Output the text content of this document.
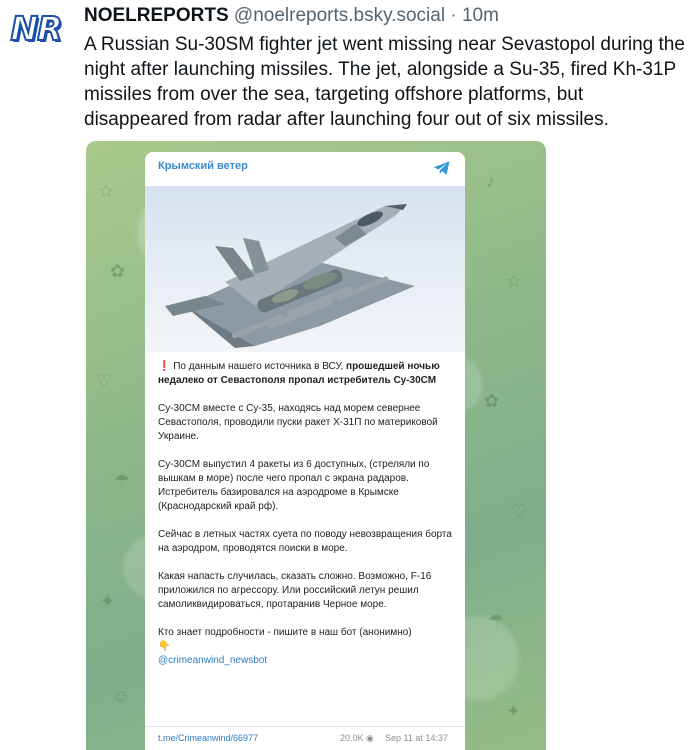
NR NOELREPORTS @noelreports.bsky.social · 10m
A Russian Su-30SM fighter jet went missing near Sevastopol during the night after launching missiles. The jet, alongside a Su-35, fired Kh-31P missiles from over the sea, targeting offshore platforms, but disappeared from radar after launching four out of six missiles.
☆
✿
♡
☂
✦
☺
♪
☆
✿
♡
☂
✦
Крымский ветер

❗ По данным нашего источника в ВСУ, прошедшей ночью недалеко от Севастополя пропал истребитель Су-30СМ

Су-30СМ вместе с Су-35, находясь над морем севернее Севастополя, проводили пуски ракет Х-31П по материковой Украине.

Су-30СМ выпустил 4 ракеты из 6 доступных, (стреляли по вышкам в море) после чего пропал с экрана радаров. Истребитель базировался на аэродроме в Крымске (Краснодарский край рф).

Сейчас в летных частях суета по поводу невозвращения борта на аэродром, проводятся поиски в море.

Какая напасть случилась, сказать сложно. Возможно, F-16 приложился по агрессору. Или российский летун решил самоликвидироваться, протаранив Черное море.

Кто знает подробности - пишите в наш бот (анонимно)
👇
@crimeanwind_newsbot

t.me/Crimeanwind/66977	20.0K ◉ Sep 11 at 14:37
